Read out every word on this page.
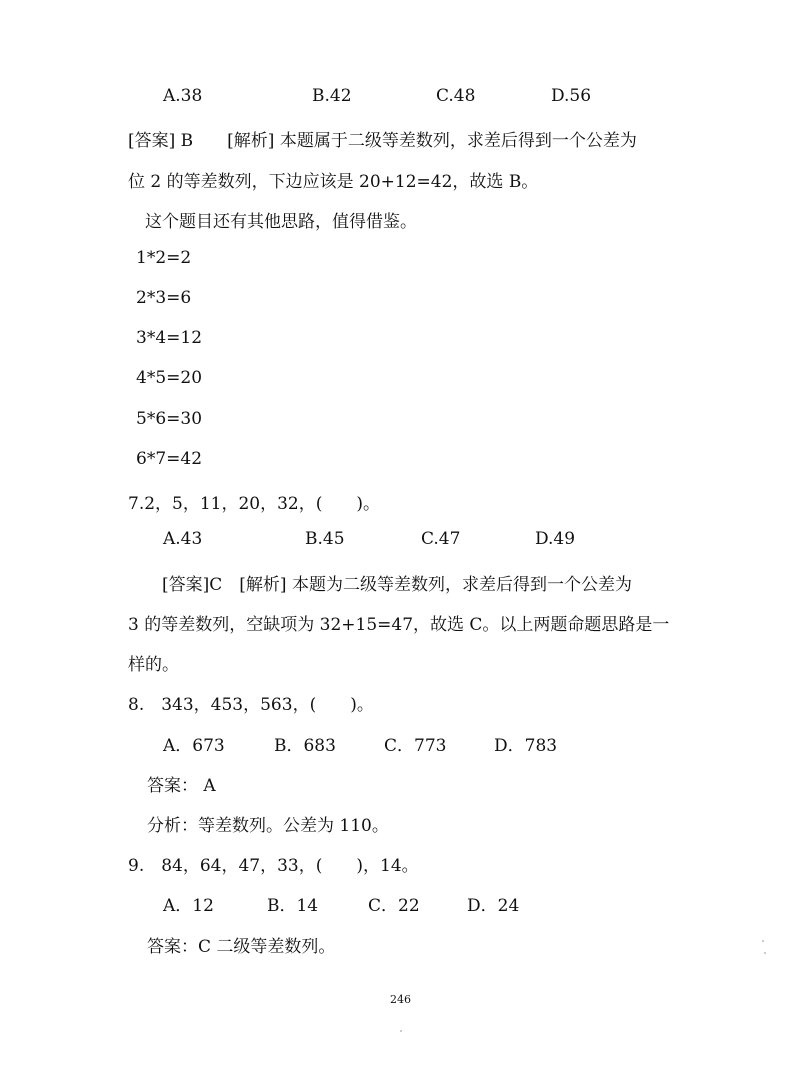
A.38	B.42	C.48	D.56
[答案] B　　[解析] 本题属于二级等差数列，求差后得到一个公差为
位 2 的等差数列，下边应该是 20+12=42，故选 B。
这个题目还有其他思路，值得借鉴。
1*2=2
2*3=6
3*4=12
4*5=20
5*6=30
6*7=42
7.2，5，11，20，32，(　　)。
A.43	B.45	C.47	D.49
[答案]C　[解析] 本题为二级等差数列，求差后得到一个公差为
3 的等差数列，空缺项为 32+15=47，故选 C。以上两题命题思路是一
样的。
8.　343，453，563，(　　)。
A．673	B．683	C．773	D．783
答案： A
分析：等差数列。公差为 110。
9.　84，64，47，33，(　　)，14。
A．12	B．14	C．22	D．24
答案：C 二级等差数列。
246
